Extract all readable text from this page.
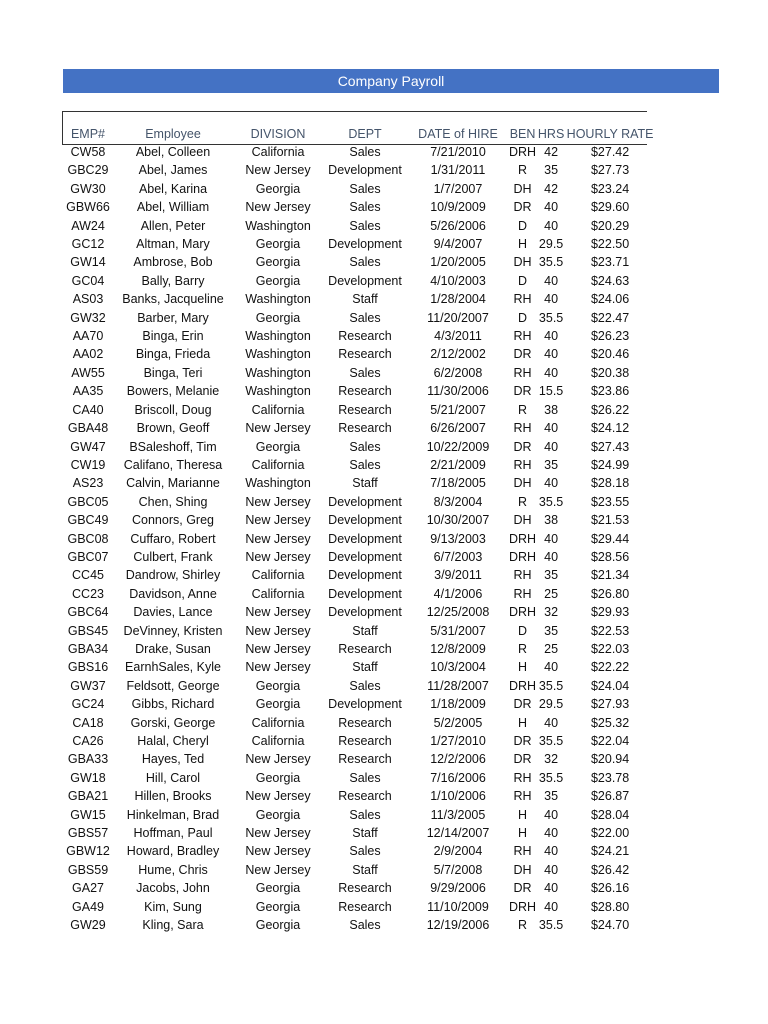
Company Payroll
EMP#	Employee	DIVISION	DEPT	DATE of HIRE	BEN	HRS	HOURLY RATE
CW58	Abel, Colleen	California	Sales	7/21/2010	DRH	42	$27.42
GBC29	Abel, James	New Jersey	Development	1/31/2011	R	35	$27.73
GW30	Abel, Karina	Georgia	Sales	1/7/2007	DH	42	$23.24
GBW66	Abel, William	New Jersey	Sales	10/9/2009	DR	40	$29.60
AW24	Allen, Peter	Washington	Sales	5/26/2006	D	40	$20.29
GC12	Altman, Mary	Georgia	Development	9/4/2007	H	29.5	$22.50
GW14	Ambrose, Bob	Georgia	Sales	1/20/2005	DH	35.5	$23.71
GC04	Bally, Barry	Georgia	Development	4/10/2003	D	40	$24.63
AS03	Banks, Jacqueline	Washington	Staff	1/28/2004	RH	40	$24.06
GW32	Barber, Mary	Georgia	Sales	11/20/2007	D	35.5	$22.47
AA70	Binga, Erin	Washington	Research	4/3/2011	RH	40	$26.23
AA02	Binga, Frieda	Washington	Research	2/12/2002	DR	40	$20.46
AW55	Binga, Teri	Washington	Sales	6/2/2008	RH	40	$20.38
AA35	Bowers, Melanie	Washington	Research	11/30/2006	DR	15.5	$23.86
CA40	Briscoll, Doug	California	Research	5/21/2007	R	38	$26.22
GBA48	Brown, Geoff	New Jersey	Research	6/26/2007	RH	40	$24.12
GW47	BSaleshoff, Tim	Georgia	Sales	10/22/2009	DR	40	$27.43
CW19	Califano, Theresa	California	Sales	2/21/2009	RH	35	$24.99
AS23	Calvin, Marianne	Washington	Staff	7/18/2005	DH	40	$28.18
GBC05	Chen, Shing	New Jersey	Development	8/3/2004	R	35.5	$23.55
GBC49	Connors, Greg	New Jersey	Development	10/30/2007	DH	38	$21.53
GBC08	Cuffaro, Robert	New Jersey	Development	9/13/2003	DRH	40	$29.44
GBC07	Culbert, Frank	New Jersey	Development	6/7/2003	DRH	40	$28.56
CC45	Dandrow, Shirley	California	Development	3/9/2011	RH	35	$21.34
CC23	Davidson, Anne	California	Development	4/1/2006	RH	25	$26.80
GBC64	Davies, Lance	New Jersey	Development	12/25/2008	DRH	32	$29.93
GBS45	DeVinney, Kristen	New Jersey	Staff	5/31/2007	D	35	$22.53
GBA34	Drake, Susan	New Jersey	Research	12/8/2009	R	25	$22.03
GBS16	EarnhSales, Kyle	New Jersey	Staff	10/3/2004	H	40	$22.22
GW37	Feldsott, George	Georgia	Sales	11/28/2007	DRH	35.5	$24.04
GC24	Gibbs, Richard	Georgia	Development	1/18/2009	DR	29.5	$27.93
CA18	Gorski, George	California	Research	5/2/2005	H	40	$25.32
CA26	Halal, Cheryl	California	Research	1/27/2010	DR	35.5	$22.04
GBA33	Hayes, Ted	New Jersey	Research	12/2/2006	DR	32	$20.94
GW18	Hill, Carol	Georgia	Sales	7/16/2006	RH	35.5	$23.78
GBA21	Hillen, Brooks	New Jersey	Research	1/10/2006	RH	35	$26.87
GW15	Hinkelman, Brad	Georgia	Sales	11/3/2005	H	40	$28.04
GBS57	Hoffman, Paul	New Jersey	Staff	12/14/2007	H	40	$22.00
GBW12	Howard, Bradley	New Jersey	Sales	2/9/2004	RH	40	$24.21
GBS59	Hume, Chris	New Jersey	Staff	5/7/2008	DH	40	$26.42
GA27	Jacobs, John	Georgia	Research	9/29/2006	DR	40	$26.16
GA49	Kim, Sung	Georgia	Research	11/10/2009	DRH	40	$28.80
GW29	Kling, Sara	Georgia	Sales	12/19/2006	R	35.5	$24.70
